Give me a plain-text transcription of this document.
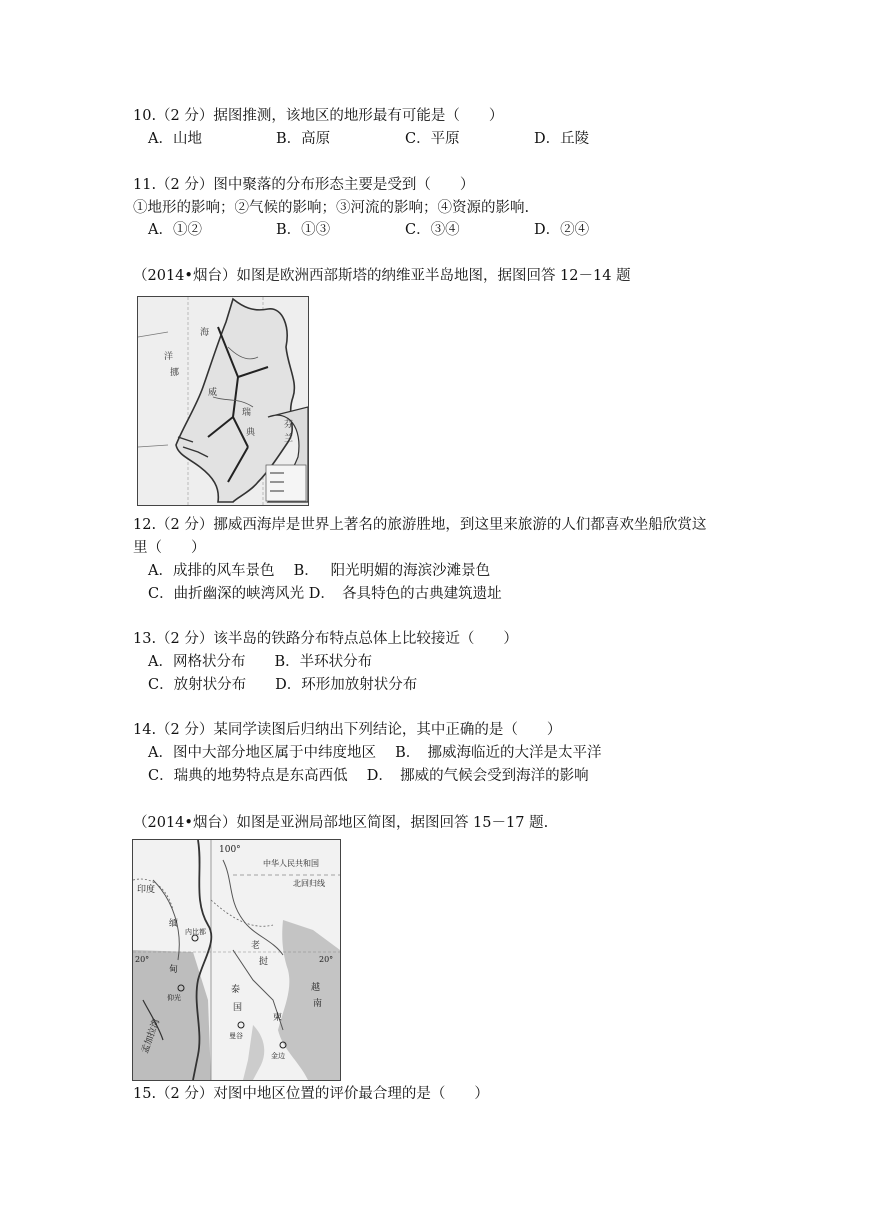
10.（2 分）据图推测，该地区的地形最有可能是（　　）
A．山地	B．高原	C．平原	D．丘陵
11.（2 分）图中聚落的分布形态主要是受到（　　）
①地形的影响；②气候的影响；③河流的影响；④资源的影响.
A．①②	B．①③	C．③④	D．②④
（2014•烟台）如图是欧洲西部斯塔的纳维亚半岛地图，据图回答 12－14 题
海
洋
挪
威
瑞
典
芬
兰
12.（2 分）挪威西海岸是世界上著名的旅游胜地，到这里来旅游的人们都喜欢坐船欣赏这
里（　　）
A．成排的风车景色　 B．　 阳光明媚的海滨沙滩景色
C．曲折幽深的峡湾风光 D．　各具特色的古典建筑遗址
13.（2 分）该半岛的铁路分布特点总体上比较接近（　　）
A．网格状分布　　B．半环状分布
C．放射状分布　　D．环形加放射状分布
14.（2 分）某同学读图后归纳出下列结论，其中正确的是（　　）
A．图中大部分地区属于中纬度地区　 B．　挪威海临近的大洋是太平洋
C．瑞典的地势特点是东高西低　 D．　挪威的气候会受到海洋的影响
（2014•烟台）如图是亚洲局部地区简图，据图回答 15－17 题.
100°
中华人民共和国
北回归线
印度
20°	20°
缅
甸
老
挝
泰
国
柬
越
南
内比都
仰光
曼谷
金边
孟加拉湾
15.（2 分）对图中地区位置的评价最合理的是（　　）
